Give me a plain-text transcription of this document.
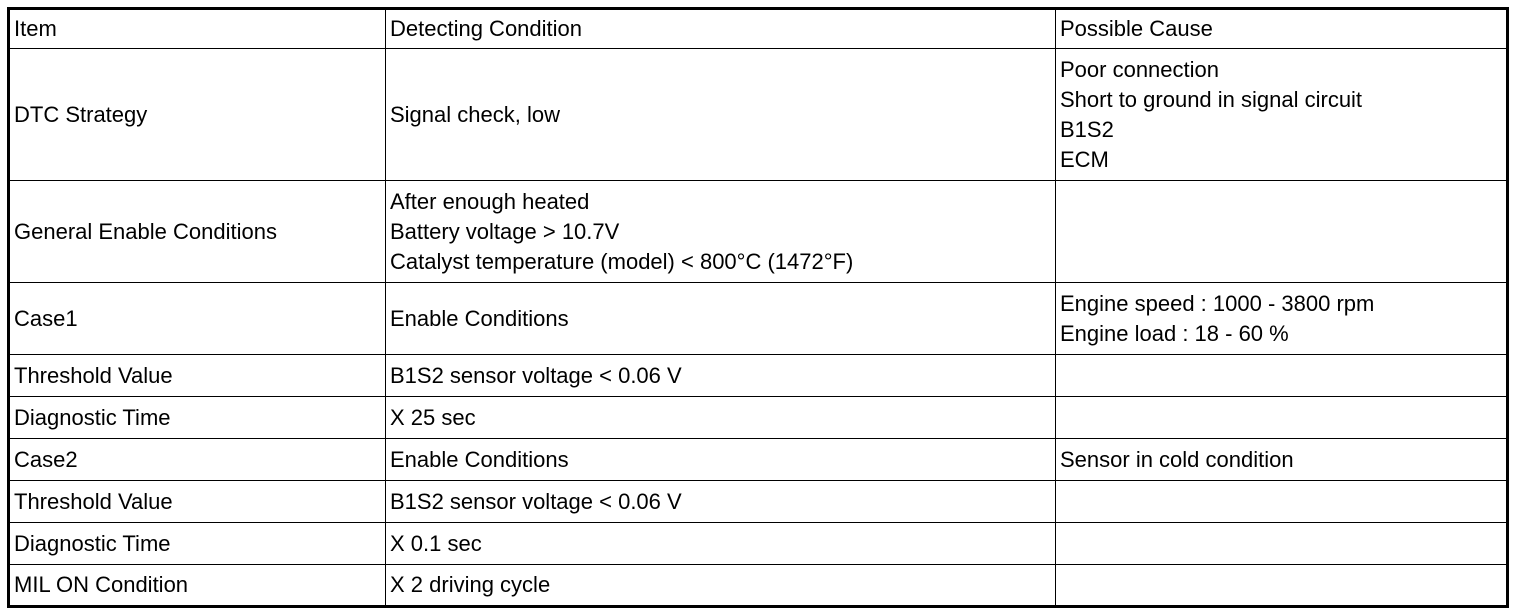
Item	Detecting Condition	Possible Cause
DTC Strategy	Signal check, low	Poor connection
Short to ground in signal circuit
B1S2
ECM

General Enable Conditions	After enough heated
Battery voltage > 10.7V
Catalyst temperature (model) < 800°C (1472°F)	

Case1	Enable Conditions	Engine speed : 1000 - 3800 rpm
Engine load : 18 - 60 %

Threshold Value	B1S2 sensor voltage < 0.06 V	
Diagnostic Time	X 25 sec	
Case2	Enable Conditions	Sensor in cold condition
Threshold Value	B1S2 sensor voltage < 0.06 V	
Diagnostic Time	X 0.1 sec	
MIL ON Condition	X 2 driving cycle	
